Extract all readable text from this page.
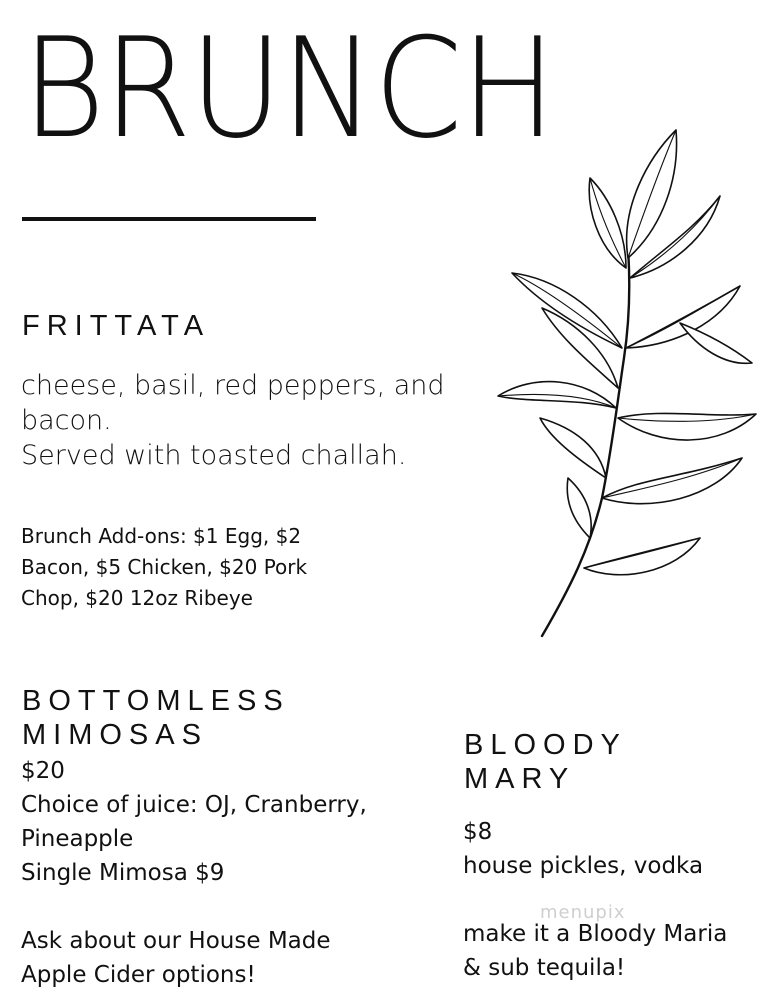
BRUNCH
FRITTATA
cheese, basil, red peppers, and
bacon.
Served with toasted challah.
Brunch Add-ons: $1 Egg, $2
Bacon, $5 Chicken, $20 Pork
Chop, $20 12oz Ribeye
BOTTOMLESS
MIMOSAS
$20
Choice of juice: OJ, Cranberry,
Pineapple
Single Mimosa $9
Ask about our House Made
Apple Cider options!
BLOODY
MARY
$8
house pickles, vodka
make it a Bloody Maria
& sub tequila!
menupix
